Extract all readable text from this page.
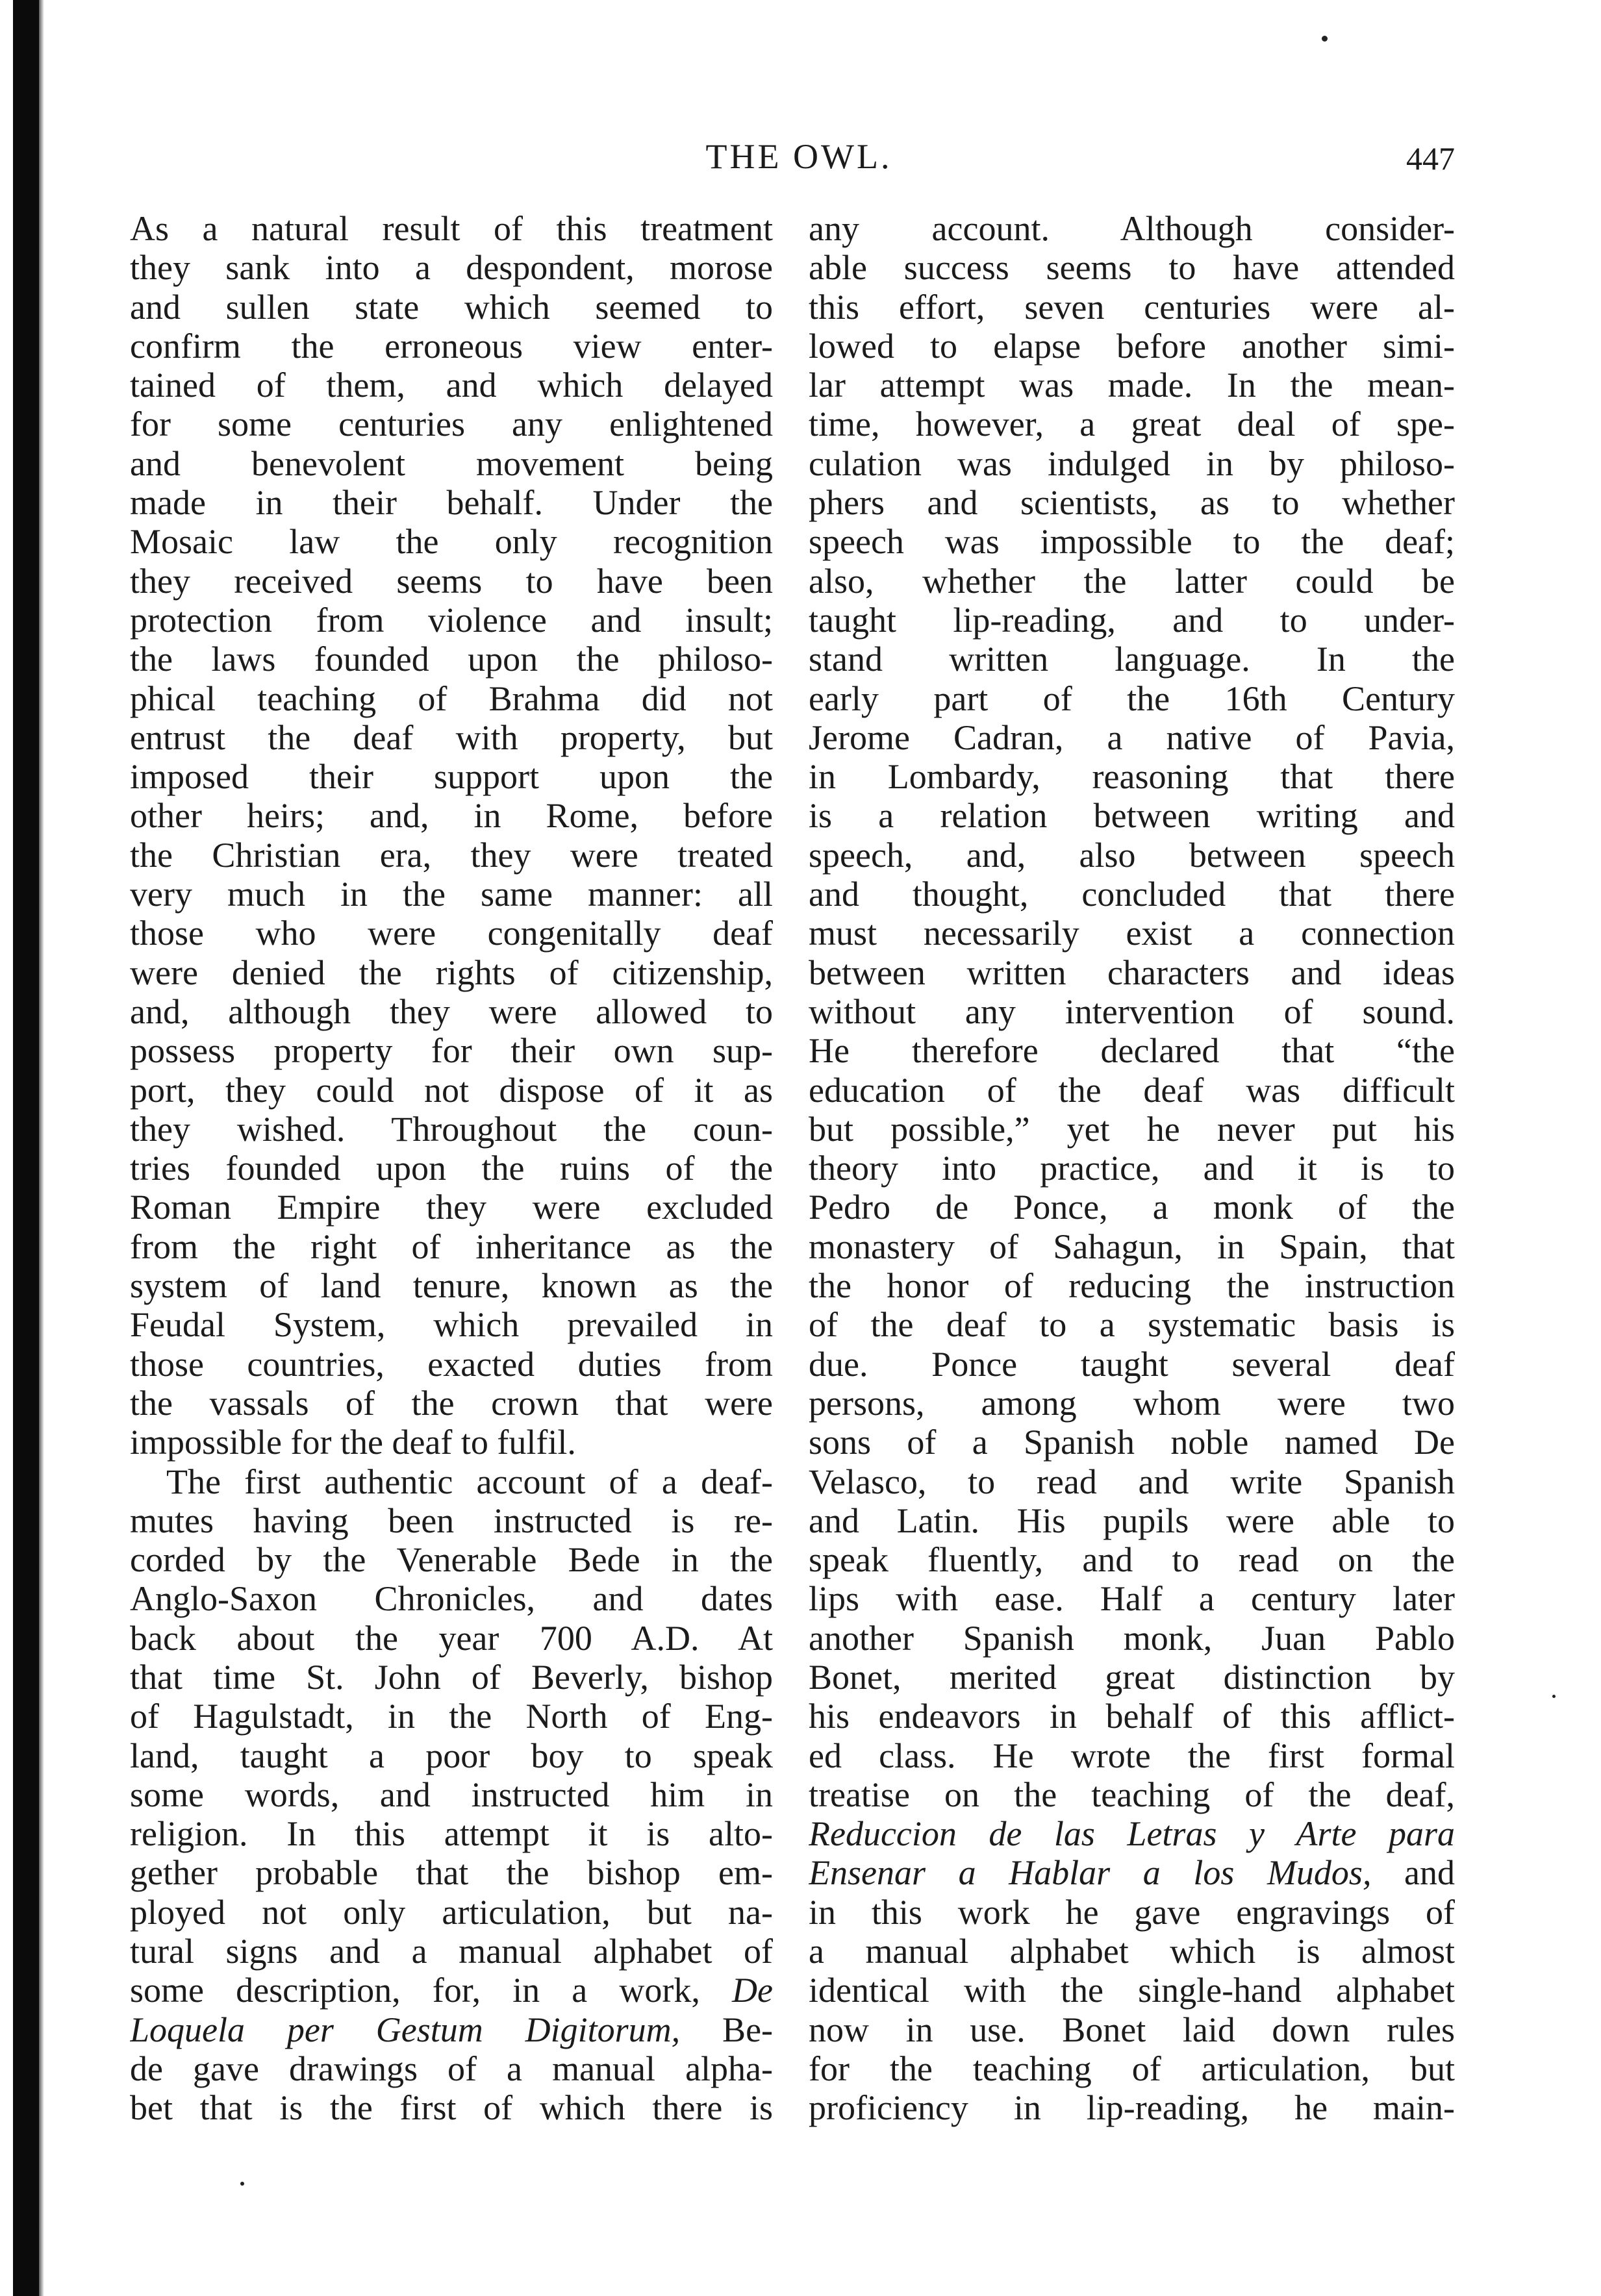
THE OWL.	447
As a natural result of this treatment
they sank into a despondent, morose
and sullen state which seemed to
confirm the erroneous view enter-
tained of them, and which delayed
for some centuries any enlightened
and benevolent movement being
made in their behalf. Under the
Mosaic law the only recognition
they received seems to have been
protection from violence and insult;
the laws founded upon the philoso-
phical teaching of Brahma did not
entrust the deaf with property, but
imposed their support upon the
other heirs; and, in Rome, before
the Christian era, they were treated
very much in the same manner: all
those who were congenitally deaf
were denied the rights of citizenship,
and, although they were allowed to
possess property for their own sup-
port, they could not dispose of it as
they wished. Throughout the coun-
tries founded upon the ruins of the
Roman Empire they were excluded
from the right of inheritance as the
system of land tenure, known as the
Feudal System, which prevailed in
those countries, exacted duties from
the vassals of the crown that were
impossible for the deaf to fulfil.
The first authentic account of a deaf-
mutes having been instructed is re-
corded by the Venerable Bede in the
Anglo-Saxon Chronicles, and dates
back about the year 700 A.D. At
that time St. John of Beverly, bishop
of Hagulstadt, in the North of Eng-
land, taught a poor boy to speak
some words, and instructed him in
religion. In this attempt it is alto-
gether probable that the bishop em-
ployed not only articulation, but na-
tural signs and a manual alphabet of
some description, for, in a work, De
Loquela per Gestum Digitorum, Be-
de gave drawings of a manual alpha-
bet that is the first of which there is
any account. Although consider-
able success seems to have attended
this effort, seven centuries were al-
lowed to elapse before another simi-
lar attempt was made. In the mean-
time, however, a great deal of spe-
culation was indulged in by philoso-
phers and scientists, as to whether
speech was impossible to the deaf;
also, whether the latter could be
taught lip-reading, and to under-
stand written language. In the
early part of the 16th Century
Jerome Cadran, a native of Pavia,
in Lombardy, reasoning that there
is a relation between writing and
speech, and, also between speech
and thought, concluded that there
must necessarily exist a connection
between written characters and ideas
without any intervention of sound.
He therefore declared that “the
education of the deaf was difficult
but possible,” yet he never put his
theory into practice, and it is to
Pedro de Ponce, a monk of the
monastery of Sahagun, in Spain, that
the honor of reducing the instruction
of the deaf to a systematic basis is
due. Ponce taught several deaf
persons, among whom were two
sons of a Spanish noble named De
Velasco, to read and write Spanish
and Latin. His pupils were able to
speak fluently, and to read on the
lips with ease. Half a century later
another Spanish monk, Juan Pablo
Bonet, merited great distinction by
his endeavors in behalf of this afflict-
ed class. He wrote the first formal
treatise on the teaching of the deaf,
Reduccion de las Letras y Arte para
Ensenar a Hablar a los Mudos, and
in this work he gave engravings of
a manual alphabet which is almost
identical with the single-hand alphabet
now in use. Bonet laid down rules
for the teaching of articulation, but
proficiency in lip-reading, he main-
